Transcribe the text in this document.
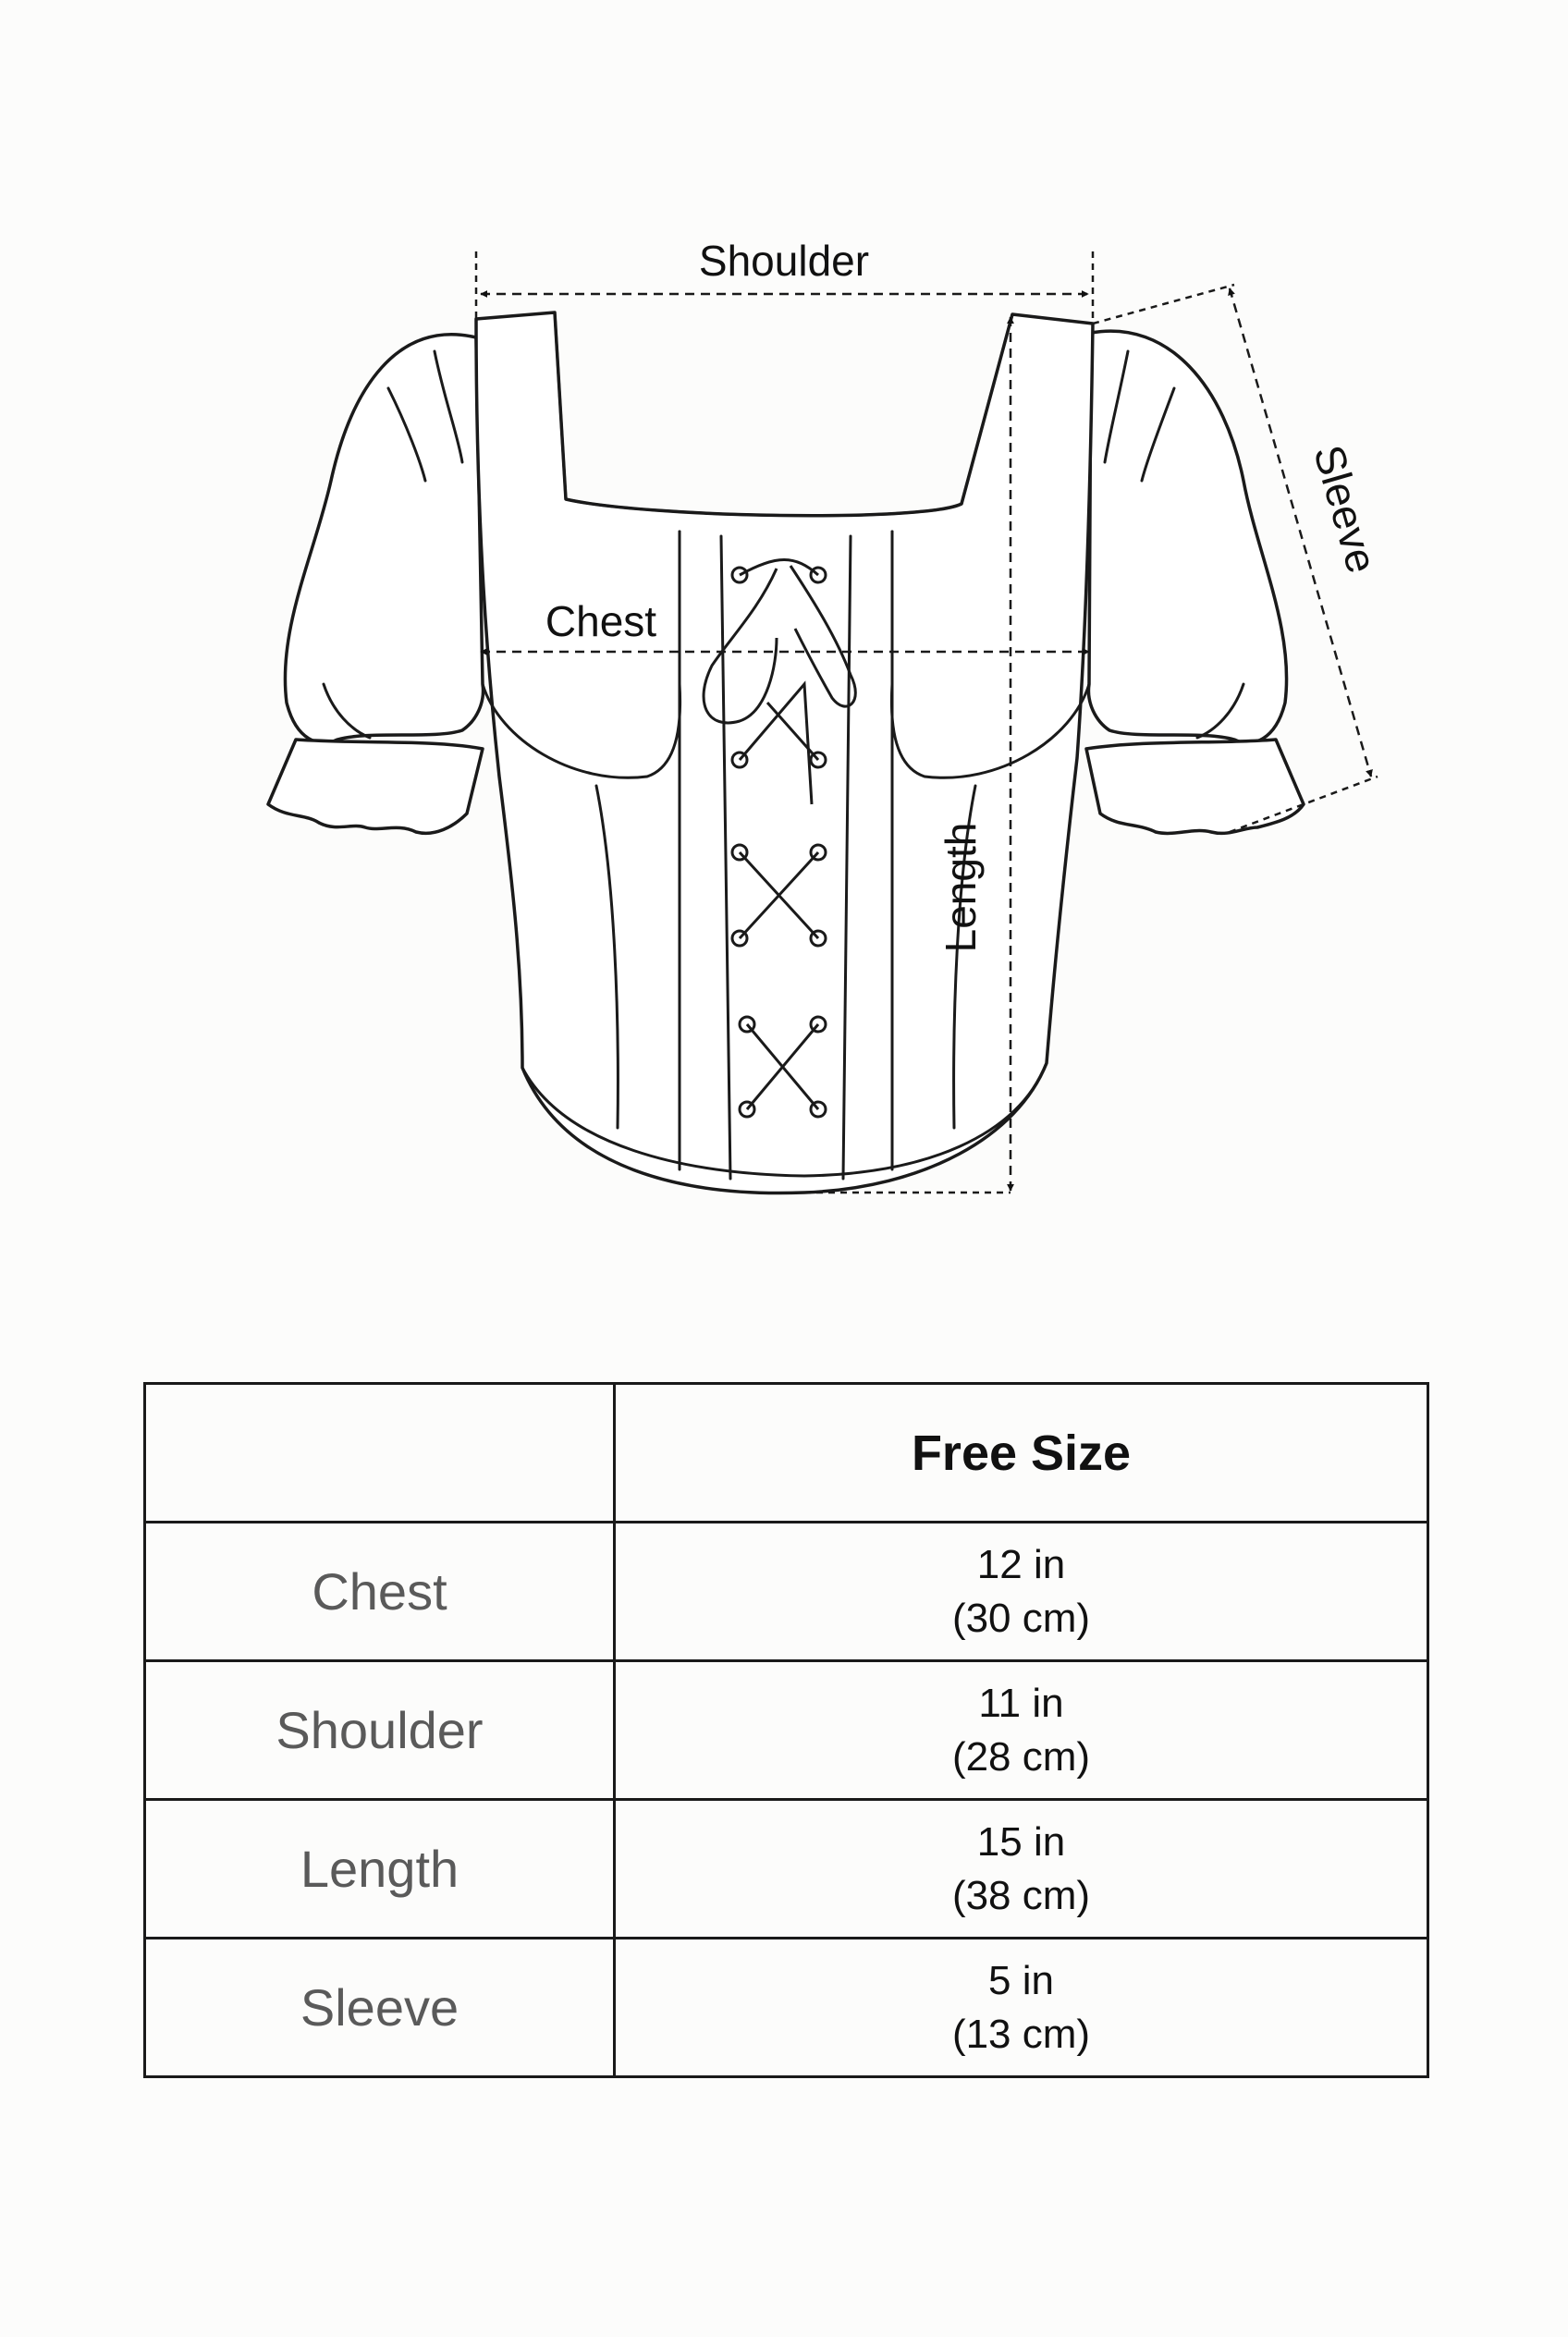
Shoulder
Chest
Length
Sleeve
	Free Size
Chest	12 in
(30 cm)

Shoulder	11 in
(28 cm)

Length	15 in
(38 cm)

Sleeve	5 in
(13 cm)
